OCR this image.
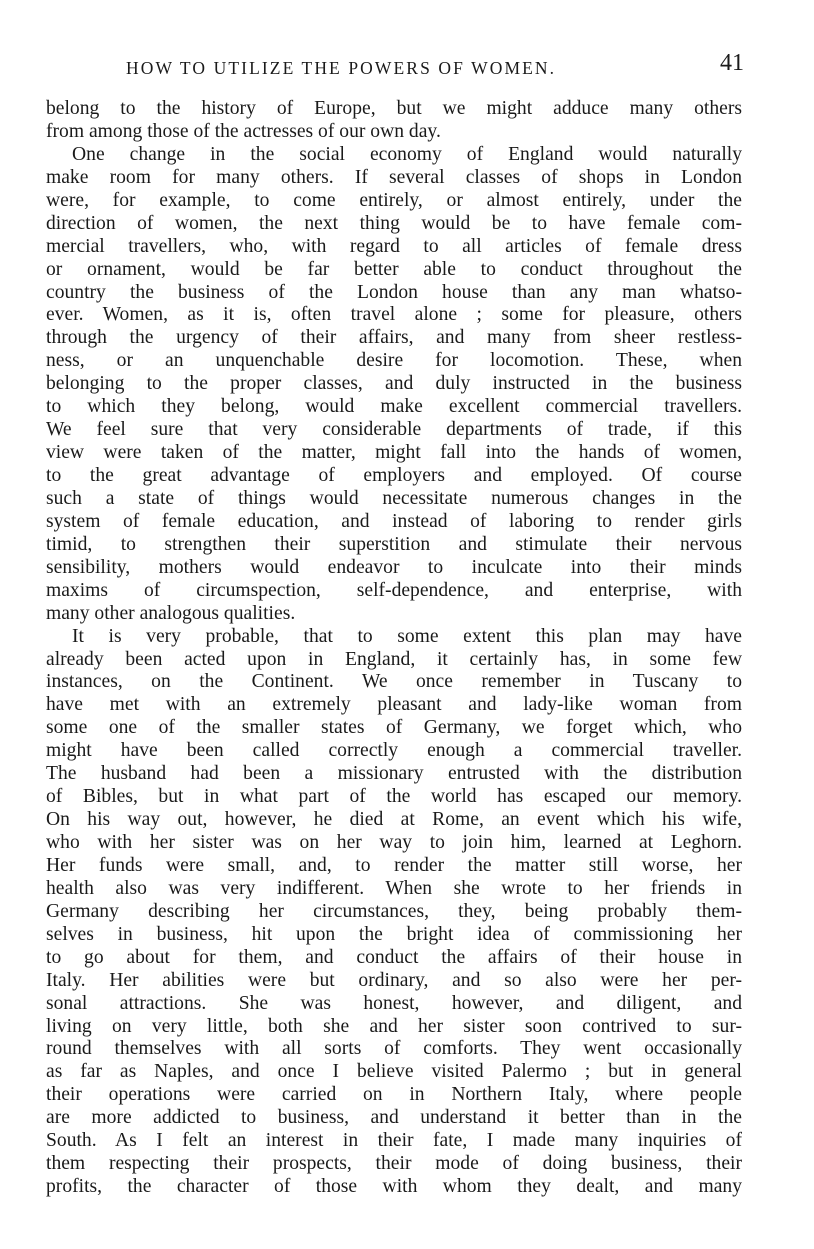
HOW TO UTILIZE THE POWERS OF WOMEN.	41
belong to the history of Europe, but we might adduce many others
from among those of the actresses of our own day.
One change in the social economy of England would naturally
make room for many others. If several classes of shops in London
were, for example, to come entirely, or almost entirely, under the
direction of women, the next thing would be to have female com-
mercial travellers, who, with regard to all articles of female dress
or ornament, would be far better able to conduct throughout the
country the business of the London house than any man whatso-
ever. Women, as it is, often travel alone ; some for pleasure, others
through the urgency of their affairs, and many from sheer restless-
ness, or an unquenchable desire for locomotion. These, when
belonging to the proper classes, and duly instructed in the business
to which they belong, would make excellent commercial travellers.
We feel sure that very considerable departments of trade, if this
view were taken of the matter, might fall into the hands of women,
to the great advantage of employers and employed. Of course
such a state of things would necessitate numerous changes in the
system of female education, and instead of laboring to render girls
timid, to strengthen their superstition and stimulate their nervous
sensibility, mothers would endeavor to inculcate into their minds
maxims of circumspection, self-dependence, and enterprise, with
many other analogous qualities.
It is very probable, that to some extent this plan may have
already been acted upon in England, it certainly has, in some few
instances, on the Continent. We once remember in Tuscany to
have met with an extremely pleasant and lady-like woman from
some one of the smaller states of Germany, we forget which, who
might have been called correctly enough a commercial traveller.
The husband had been a missionary entrusted with the distribution
of Bibles, but in what part of the world has escaped our memory.
On his way out, however, he died at Rome, an event which his wife,
who with her sister was on her way to join him, learned at Leghorn.
Her funds were small, and, to render the matter still worse, her
health also was very indifferent. When she wrote to her friends in
Germany describing her circumstances, they, being probably them-
selves in business, hit upon the bright idea of commissioning her
to go about for them, and conduct the affairs of their house in
Italy. Her abilities were but ordinary, and so also were her per-
sonal attractions. She was honest, however, and diligent, and
living on very little, both she and her sister soon contrived to sur-
round themselves with all sorts of comforts. They went occasionally
as far as Naples, and once I believe visited Palermo ; but in general
their operations were carried on in Northern Italy, where people
are more addicted to business, and understand it better than in the
South. As I felt an interest in their fate, I made many inquiries of
them respecting their prospects, their mode of doing business, their
profits, the character of those with whom they dealt, and many
